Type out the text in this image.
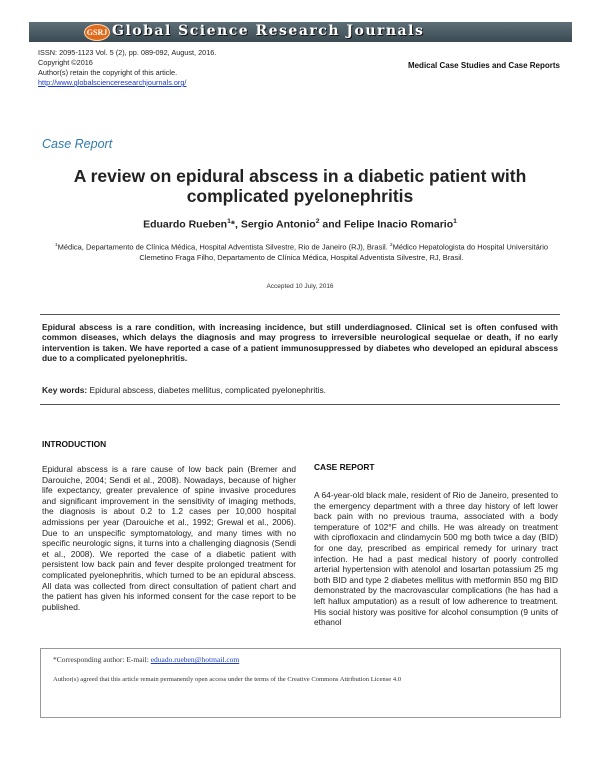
GSRJ Global Science Research Journals
ISSN: 2095-1123 Vol. 5 (2), pp. 089-092, August, 2016.
Copyright ©2016
Author(s) retain the copyright of this article.
http://www.globalscienceresearchjournals.org/
Medical Case Studies and Case Reports
Case Report
A review on epidural abscess in a diabetic patient with complicated pyelonephritis
Eduardo Rueben$^1$*, Sergio Antonio$^2$ and Felipe Inacio Romario$^1$
$^1$Médica, Departamento de Clínica Médica, Hospital Adventista Silvestre, Rio de Janeiro (RJ), Brasil. $^2$Médico Hepatologista do Hospital Universitário Clemetino Fraga Filho, Departamento de Clínica Médica, Hospital Adventista Silvestre, RJ, Brasil.
Accepted 10 July, 2016
Epidural abscess is a rare condition, with increasing incidence, but still underdiagnosed. Clinical set is often confused with common diseases, which delays the diagnosis and may progress to irreversible neurological sequelae or death, if no early intervention is taken. We have reported a case of a patient immunosuppressed by diabetes who developed an epidural abscess due to a complicated pyelonephritis.
Key words: Epidural abscess, diabetes mellitus, complicated pyelonephritis.
INTRODUCTION
Epidural abscess is a rare cause of low back pain (Bremer and Darouiche, 2004; Sendi et al., 2008). Nowadays, because of higher life expectancy, greater prevalence of spine invasive procedures and significant improvement in the sensitivity of imaging methods, the diagnosis is about 0.2 to 1.2 cases per 10,000 hospital admissions per year (Darouiche et al., 1992; Grewal et al., 2006). Due to an unspecific symptomatology, and many times with no specific neurologic signs, it turns into a challenging diagnosis (Sendi et al., 2008). We reported the case of a diabetic patient with persistent low back pain and fever despite prolonged treatment for complicated pyelonephritis, which turned to be an epidural abscess. All data was collected from direct consultation of patient chart and the patient has given his informed consent for the case report to be published.
CASE REPORT
A 64-year-old black male, resident of Rio de Janeiro, presented to the emergency department with a three day history of left lower back pain with no previous trauma, associated with a body temperature of 102°F and chills. He was already on treatment with ciprofloxacin and clindamycin 500 mg both twice a day (BID) for one day, prescribed as empirical remedy for urinary tract infection. He had a past medical history of poorly controlled arterial hypertension with atenolol and losartan potassium 25 mg both BID and type 2 diabetes mellitus with metformin 850 mg BID demonstrated by the macrovascular complications (he has had a left hallux amputation) as a result of low adherence to treatment. His social history was positive for alcohol consumption (9 units of ethanol
*Corresponding author: E-mail: eduado.rueben@hotmail.com
Author(s) agreed that this article remain permanently open access under the terms of the Creative Commons Attribution License 4.0
